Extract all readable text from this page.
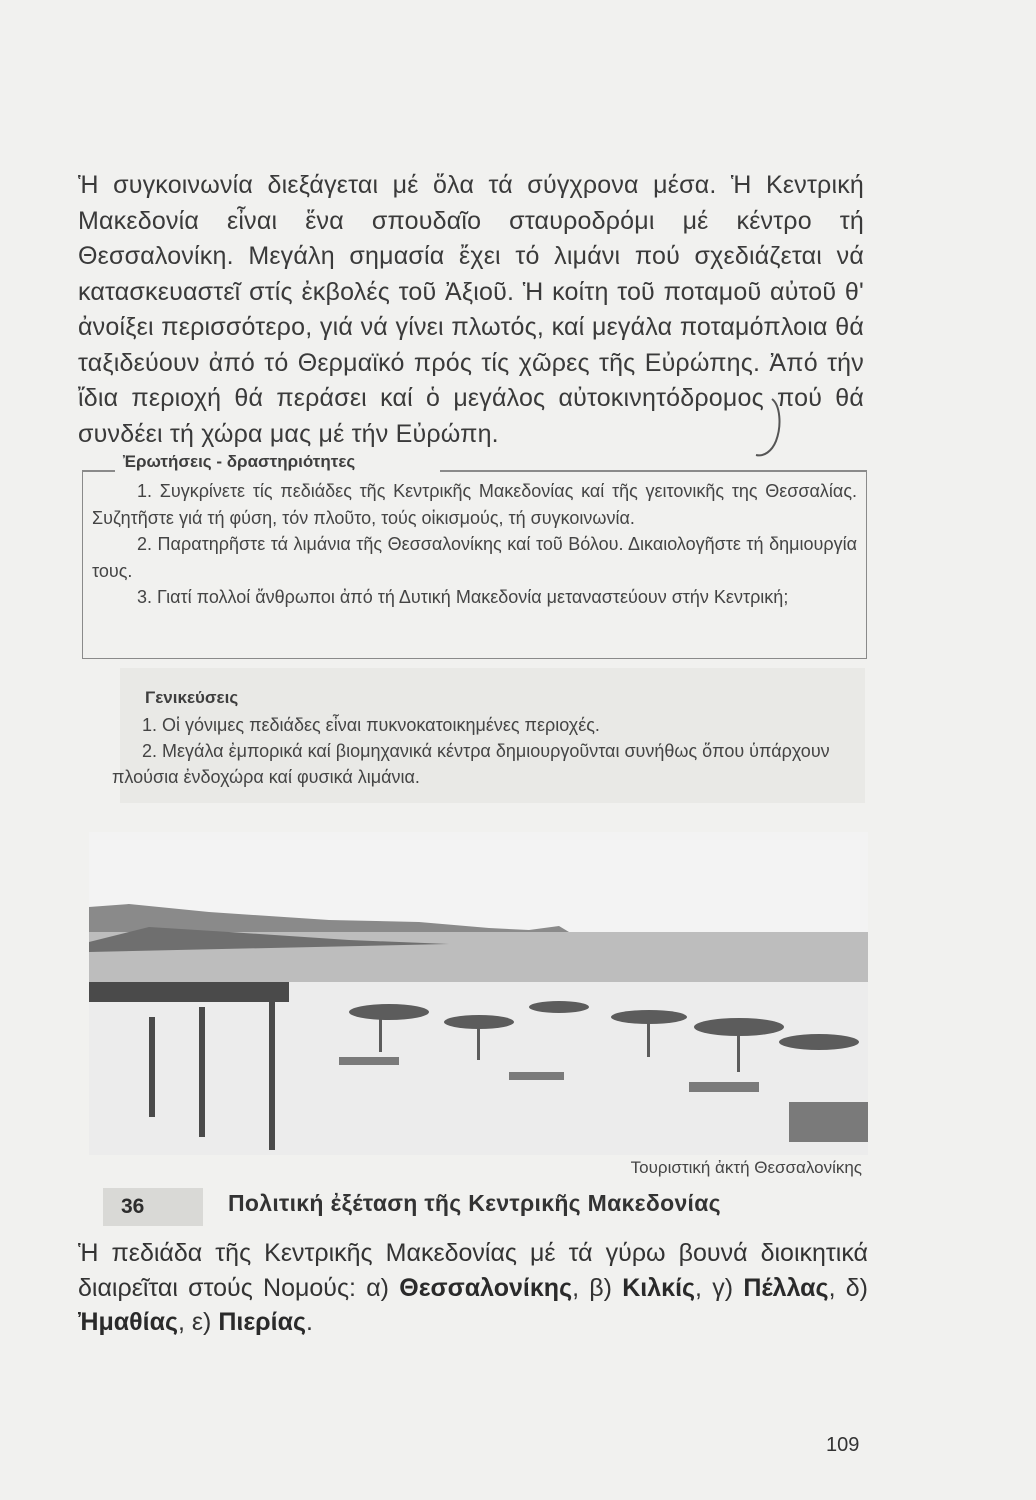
Ἡ συγκοινωνία διεξάγεται μέ ὅλα τά σύγχρονα μέσα. Ἡ Κεντρική Μακεδονία εἶναι ἕνα σπουδαῖο σταυροδρόμι μέ κέντρο τή Θεσσαλονίκη. Μεγάλη σημασία ἔχει τό λιμάνι πού σχεδιάζεται νά κατασκευαστεῖ στίς ἐκβολές τοῦ Ἀξιοῦ. Ἡ κοίτη τοῦ ποταμοῦ αὐτοῦ θ' ἀνοίξει περισσότερο, γιά νά γίνει πλωτός, καί μεγάλα ποταμόπλοια θά ταξιδεύουν ἀπό τό Θερμαϊκό πρός τίς χῶρες τῆς Εὐρώπης. Ἀπό τήν ἴδια περιοχή θά περάσει καί ὁ μεγάλος αὐτοκινητόδρομος πού θά συνδέει τή χώρα μας μέ τήν Εὐρώπη.
Ἐρωτήσεις - δραστηριότητες

1. Συγκρίνετε τίς πεδιάδες τῆς Κεντρικῆς Μακεδονίας καί τῆς γειτονικῆς της Θεσσαλίας. Συζητῆστε γιά τή φύση, τόν πλοῦτο, τούς οἰκισμούς, τή συγκοινωνία.

2. Παρατηρῆστε τά λιμάνια τῆς Θεσσαλονίκης καί τοῦ Βόλου. Δικαιολογῆστε τή δημιουργία τους.

3. Γιατί πολλοί ἄνθρωποι ἀπό τή Δυτική Μακεδονία μεταναστεύουν στήν Κεντρική;

Γενικεύσεις

1. Οἱ γόνιμες πεδιάδες εἶναι πυκνοκατοικημένες περιοχές.

2. Μεγάλα ἐμπορικά καί βιομηχανικά κέντρα δημιουργοῦνται συνήθως ὅπου ὑπάρχουν πλούσια ἐνδοχώρα καί φυσικά λιμάνια.

Τουριστική ἀκτή Θεσσαλονίκης
36	Πολιτική ἐξέταση τῆς Κεντρικῆς Μακεδονίας
Ἡ πεδιάδα τῆς Κεντρικῆς Μακεδονίας μέ τά γύρω βουνά διοικητικά διαιρεῖται στούς Νομούς: α) Θεσσαλονίκης, β) Κιλκίς, γ) Πέλλας, δ) Ἠμαθίας, ε) Πιερίας.
109
